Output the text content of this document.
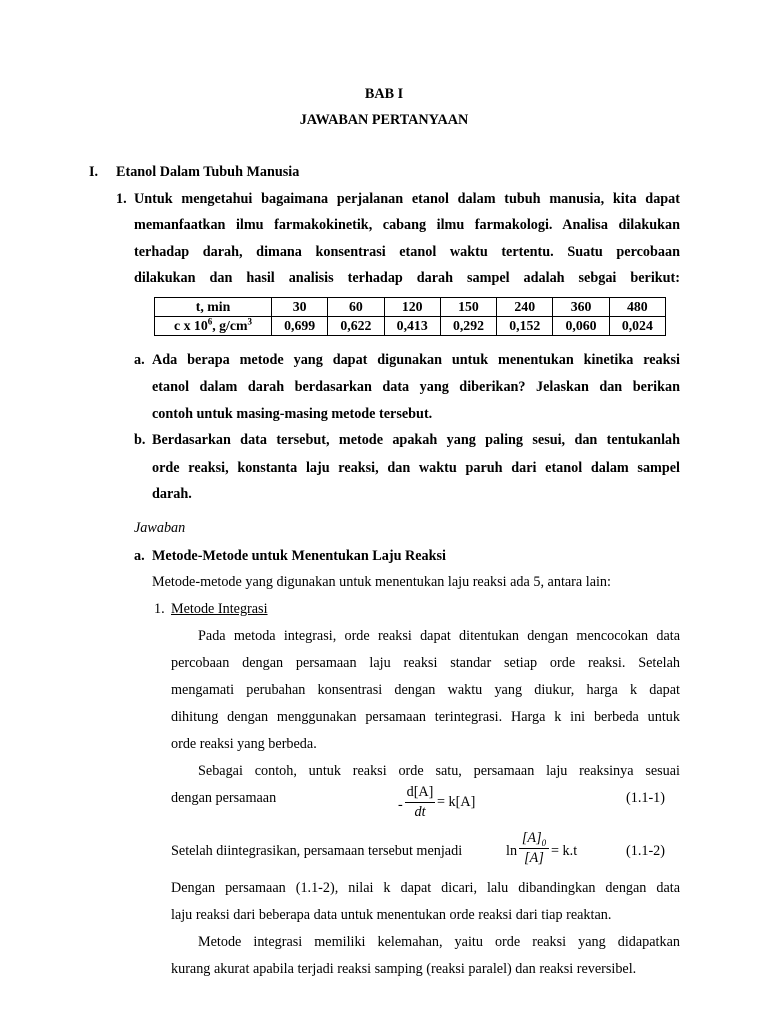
BAB I
JAWABAN PERTANYAAN
I. Etanol Dalam Tubuh Manusia
1. Untuk mengetahui bagaimana perjalanan etanol dalam tubuh manusia, kita dapat
memanfaatkan ilmu farmakokinetik, cabang ilmu farmakologi. Analisa dilakukan
terhadap darah, dimana konsentrasi etanol waktu tertentu. Suatu percobaan
dilakukan dan hasil analisis terhadap darah sampel adalah sebgai berikut:
t, min	30	60	120	150	240	360	480
c x $10^6$, $g/cm^3$	0,699	0,622	0,413	0,292	0,152	0,060	0,024
a. Ada berapa metode yang dapat digunakan untuk menentukan kinetika reaksi
etanol dalam darah berdasarkan data yang diberikan? Jelaskan dan berikan
contoh untuk masing-masing metode tersebut.
b. Berdasarkan data tersebut, metode apakah yang paling sesui, dan tentukanlah
orde reaksi, konstanta laju reaksi, dan waktu paruh dari etanol dalam sampel
darah.
Jawaban
a. Metode-Metode untuk Menentukan Laju Reaksi
Metode-metode yang digunakan untuk menentukan laju reaksi ada 5, antara lain:
1. Metode Integrasi
Pada metoda integrasi, orde reaksi dapat ditentukan dengan mencocokan data
percobaan dengan persamaan laju reaksi standar setiap orde reaksi. Setelah
mengamati perubahan konsentrasi dengan waktu yang diukur, harga k dapat
dihitung dengan menggunakan persamaan terintegrasi. Harga k ini berbeda untuk
orde reaksi yang berbeda.
Sebagai contoh, untuk reaksi orde satu, persamaan laju reaksinya sesuai
dengan persamaan	-
d[A]
dt
= k[A]	(1.1-1)
Setelah diintegrasikan, persamaan tersebut menjadi	ln
$[A]_0$
[A] = k.t	(1.1-2)
Dengan persamaan (1.1-2), nilai k dapat dicari, lalu dibandingkan dengan data
laju reaksi dari beberapa data untuk menentukan orde reaksi dari tiap reaktan.
Metode integrasi memiliki kelemahan, yaitu orde reaksi yang didapatkan
kurang akurat apabila terjadi reaksi samping (reaksi paralel) dan reaksi reversibel.
